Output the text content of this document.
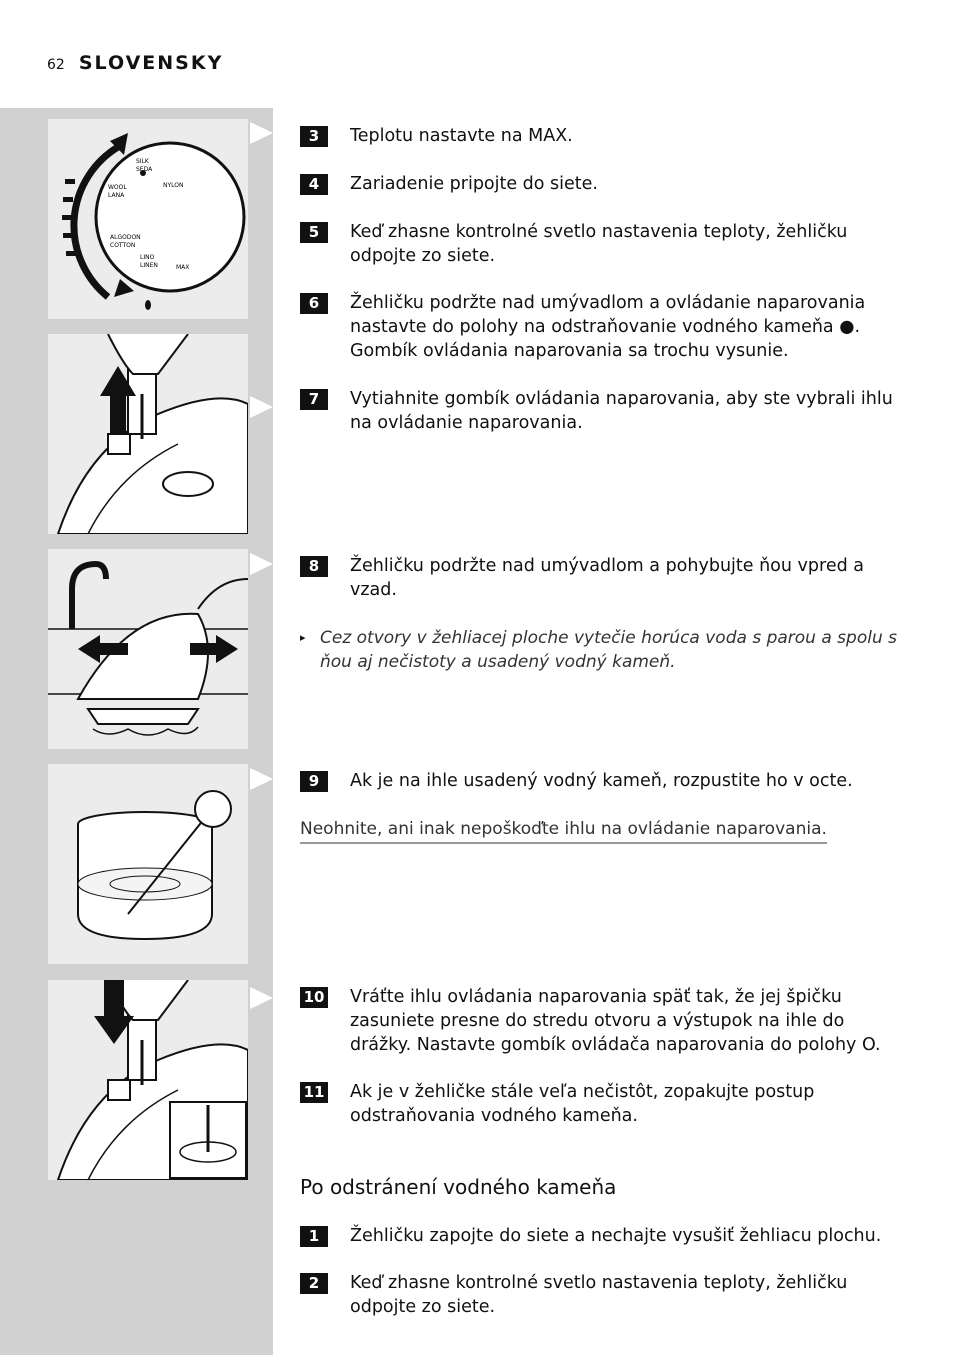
62 SLOVENSKY
SILK
SEDA
NYLON
WOOL
LANA
ALGODON
COTTON
LINO
LINEN	MAX
3	Teplotu nastavte na MAX.
4	Zariadenie pripojte do siete.
5	Keď zhasne kontrolné svetlo nastavenia teploty, žehličku odpojte zo siete.
6	Žehličku podržte nad umývadlom a ovládanie naparovania nastavte do polohy na odstraňovanie vodného kameňa ●. Gombík ovládania naparovania sa trochu vysunie.
7	Vytiahnite gombík ovládania naparovania, aby ste vybrali ihlu na ovládanie naparovania.
8	Žehličku podržte nad umývadlom a pohybujte ňou vpred a vzad.
▸ Cez otvory v žehliacej ploche vytečie horúca voda s parou a spolu s ňou aj nečistoty a usadený vodný kameň.
9	Ak je na ihle usadený vodný kameň, rozpustite ho v octe.
Neohnite, ani inak nepoškoďte ihlu na ovládanie naparovania.
10 Vráťte ihlu ovládania naparovania späť tak, že jej špičku zasuniete presne do stredu otvoru a výstupok na ihle do drážky. Nastavte gombík ovládača naparovania do polohy O.
11 Ak je v žehličke stále veľa nečistôt, zopakujte postup odstraňovania vodného kameňa.
Po odstránení vodného kameňa
1	Žehličku zapojte do siete a nechajte vysušiť žehliacu plochu.
2	Keď zhasne kontrolné svetlo nastavenia teploty, žehličku odpojte zo siete.
